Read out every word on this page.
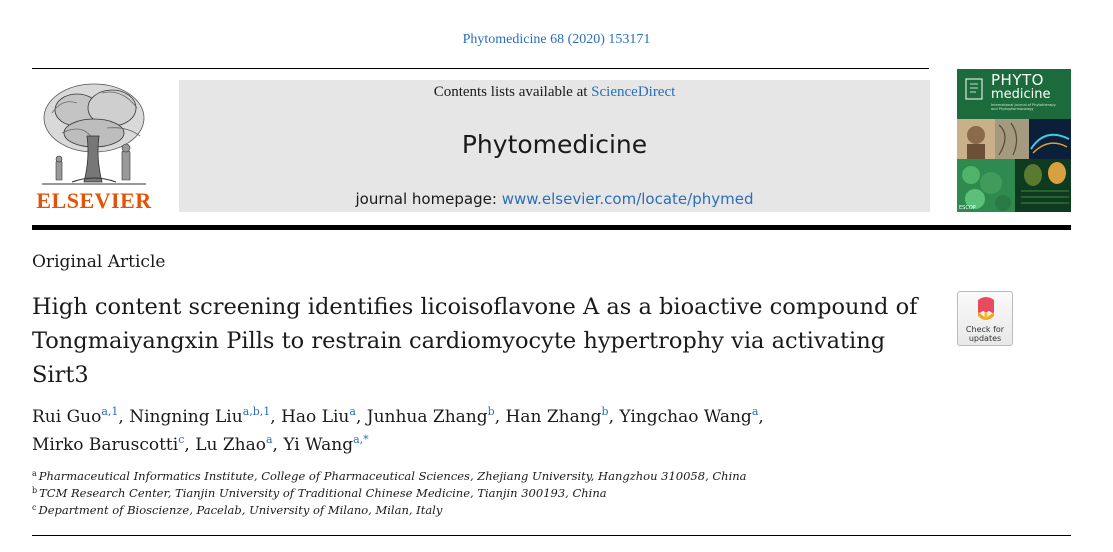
Phytomedicine 68 (2020) 153171
ELSEVIER
Contents lists available at ScienceDirect
Phytomedicine
journal homepage: www.elsevier.com/locate/phymed
PHYTO
medicine
International Journal of Phytotherapy and Phytopharmacology
ESCOP
Original Article
High content screening identifies licoisoflavone A as a bioactive compound of Tongmaiyangxin Pills to restrain cardiomyocyte hypertrophy via activating Sirt3
Check for
updates
Rui Guo$^{a,1}$, Ningning Liu$^{a,b,1}$, Hao Liu$^a$, Junhua Zhang$^b$, Han Zhang$^b$, Yingchao Wang$^a$,
Mirko Baruscotti$^c$, Lu Zhao$^a$, Yi Wang$^{a,*}$
$^a$ Pharmaceutical Informatics Institute, College of Pharmaceutical Sciences, Zhejiang University, Hangzhou 310058, China
$^b$ TCM Research Center, Tianjin University of Traditional Chinese Medicine, Tianjin 300193, China
$^c$ Department of Bioscienze, Pacelab, University of Milano, Milan, Italy
